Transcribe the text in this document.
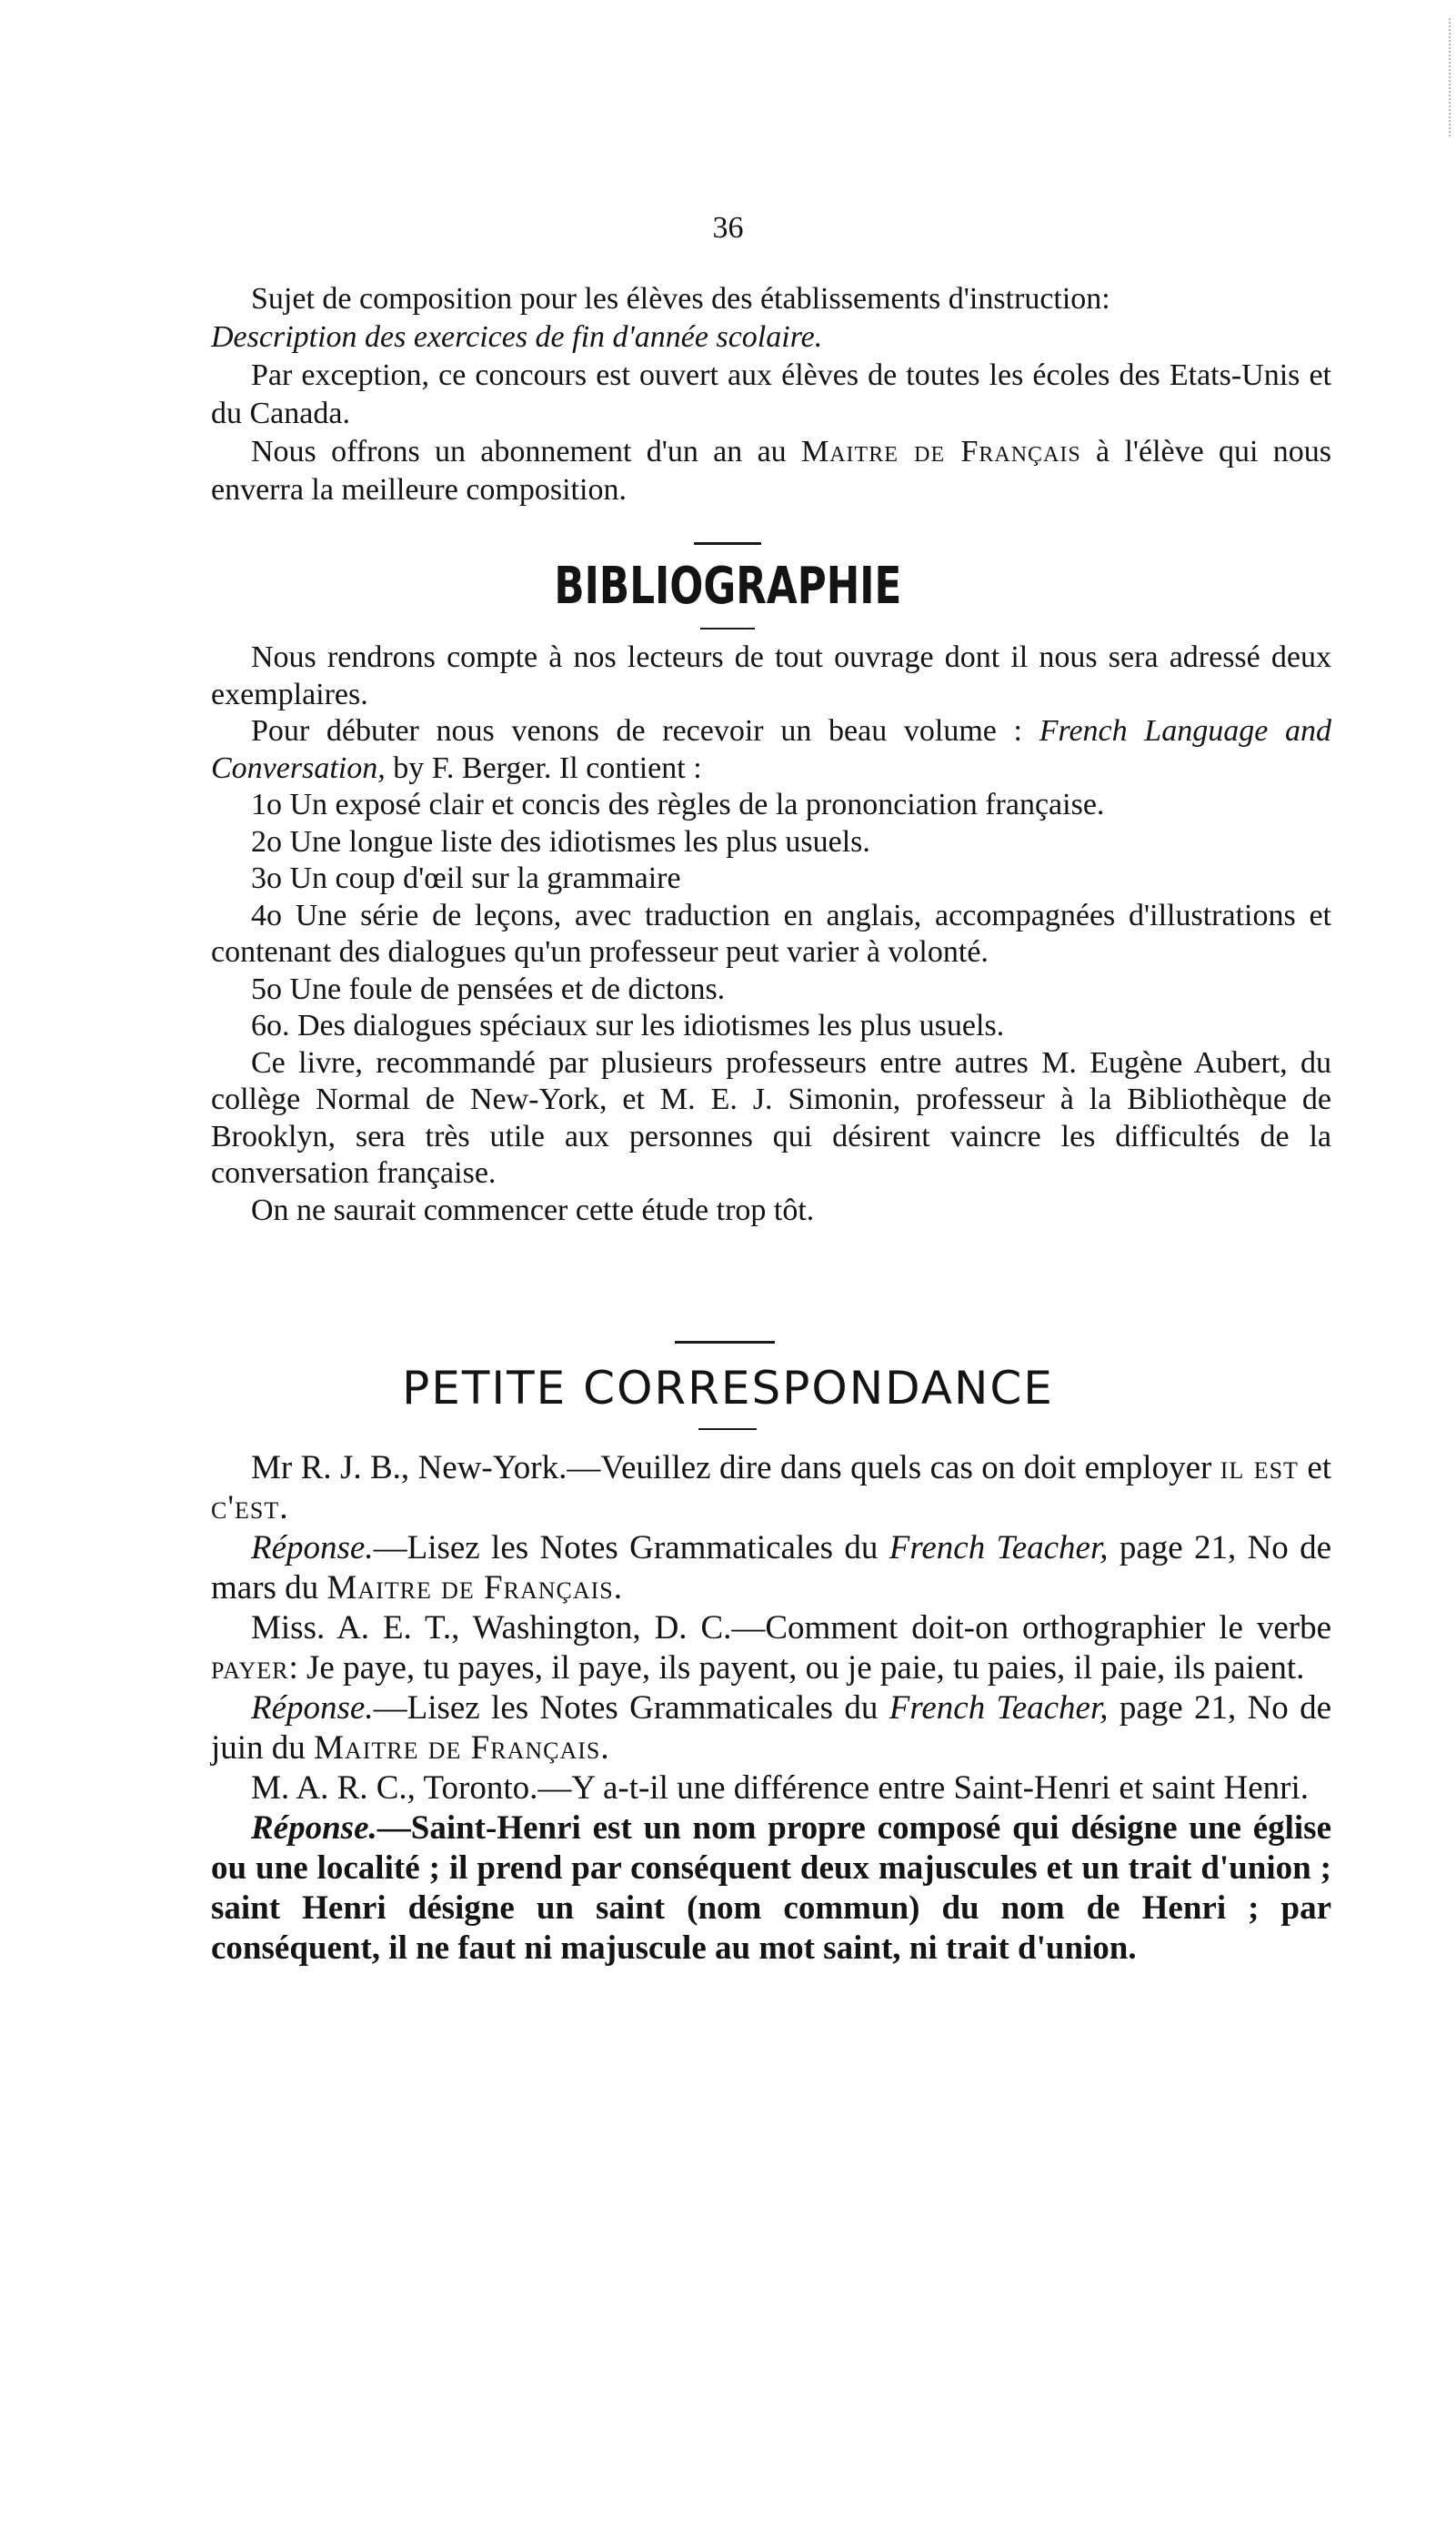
36

Sujet de composition pour les élèves des établissements d'instruction:
Description des exercices de fin d'année scolaire.

Par exception, ce concours est ouvert aux élèves de toutes les écoles des Etats-Unis et du Canada.

Nous offrons un abonnement d'un an au Maitre de Français à l'élève qui nous enverra la meilleure composition.

BIBLIOGRAPHIE

Nous rendrons compte à nos lecteurs de tout ouvrage dont il nous sera adressé deux exemplaires.

Pour débuter nous venons de recevoir un beau volume : French Language and Conversation, by F. Berger. Il contient :

1o Un exposé clair et concis des règles de la prononciation française.

2o Une longue liste des idiotismes les plus usuels.

3o Un coup d'œil sur la grammaire

4o Une série de leçons, avec traduction en anglais, accompagnées d'illustrations et contenant des dialogues qu'un professeur peut varier à volonté.

5o Une foule de pensées et de dictons.

6o. Des dialogues spéciaux sur les idiotismes les plus usuels.

Ce livre, recommandé par plusieurs professeurs entre autres M. Eugène Aubert, du collège Normal de New-York, et M. E. J. Simonin, professeur à la Bibliothèque de Brooklyn, sera très utile aux personnes qui désirent vaincre les difficultés de la conversation française.

On ne saurait commencer cette étude trop tôt.

PETITE CORRESPONDANCE

Mr R. J. B., New-York.—Veuillez dire dans quels cas on doit employer il est et c'est.

Réponse.—Lisez les Notes Grammaticales du French Teacher, page 21, No de mars du Maitre de Français.

Miss. A. E. T., Washington, D. C.—Comment doit-on orthographier le verbe payer: Je paye, tu payes, il paye, ils payent, ou je paie, tu paies, il paie, ils paient.

Réponse.—Lisez les Notes Grammaticales du French Teacher, page 21, No de juin du Maitre de Français.

M. A. R. C., Toronto.—Y a-t-il une différence entre Saint-Henri et saint Henri.

Réponse.—Saint-Henri est un nom propre composé qui désigne une église ou une localité ; il prend par conséquent deux majuscules et un trait d'union ; saint Henri désigne un saint (nom commun) du nom de Henri ; par conséquent, il ne faut ni majuscule au mot saint, ni trait d'union.
